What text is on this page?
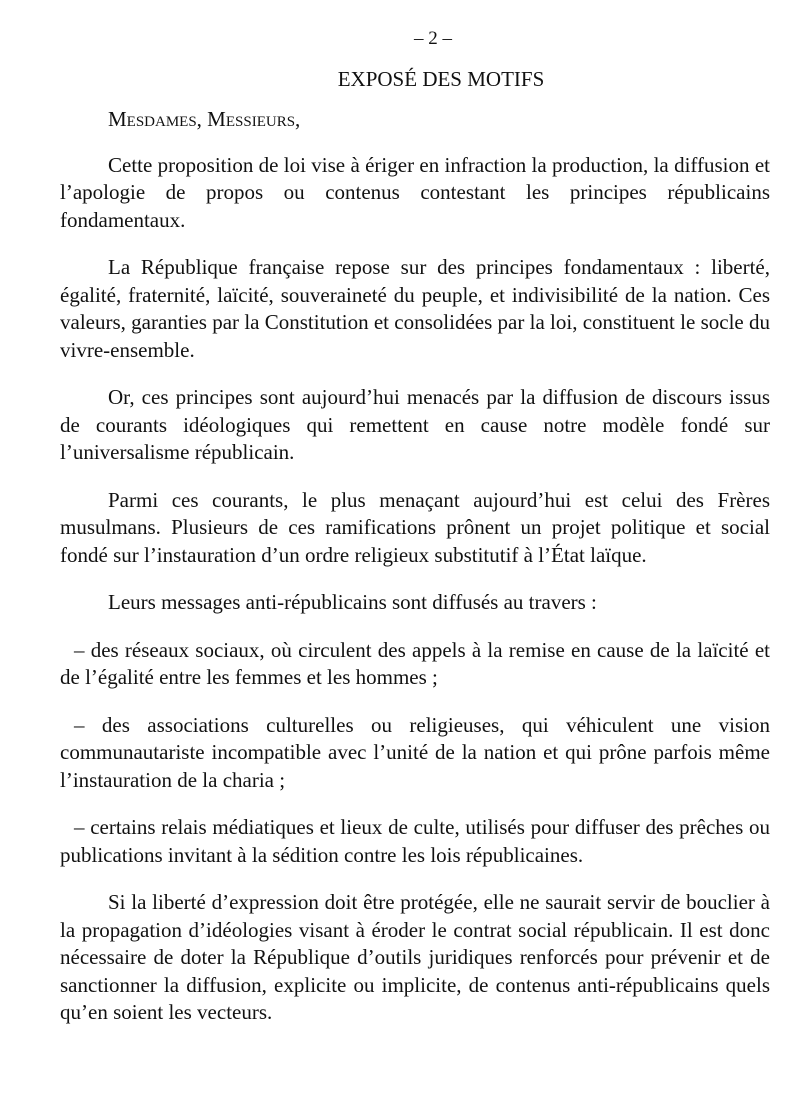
– 2 –
EXPOSÉ DES MOTIFS
Mesdames, Messieurs,

Cette proposition de loi vise à ériger en infraction la production, la diffusion et l’apologie de propos ou contenus contestant les principes républicains fondamentaux.

La République française repose sur des principes fondamentaux : liberté, égalité, fraternité, laïcité, souveraineté du peuple, et indivisibilité de la nation. Ces valeurs, garanties par la Constitution et consolidées par la loi, constituent le socle du vivre-ensemble.

Or, ces principes sont aujourd’hui menacés par la diffusion de discours issus de courants idéologiques qui remettent en cause notre modèle fondé sur l’universalisme républicain.

Parmi ces courants, le plus menaçant aujourd’hui est celui des Frères musulmans. Plusieurs de ces ramifications prônent un projet politique et social fondé sur l’instauration d’un ordre religieux substitutif à l’État laïque.

Leurs messages anti-républicains sont diffusés au travers :

– des réseaux sociaux, où circulent des appels à la remise en cause de la laïcité et de l’égalité entre les femmes et les hommes ;

– des associations culturelles ou religieuses, qui véhiculent une vision communautariste incompatible avec l’unité de la nation et qui prône parfois même l’instauration de la charia ;

– certains relais médiatiques et lieux de culte, utilisés pour diffuser des prêches ou publications invitant à la sédition contre les lois républicaines.

Si la liberté d’expression doit être protégée, elle ne saurait servir de bouclier à la propagation d’idéologies visant à éroder le contrat social républicain. Il est donc nécessaire de doter la République d’outils juridiques renforcés pour prévenir et de sanctionner la diffusion, explicite ou implicite, de contenus anti-républicains quels qu’en soient les vecteurs.
